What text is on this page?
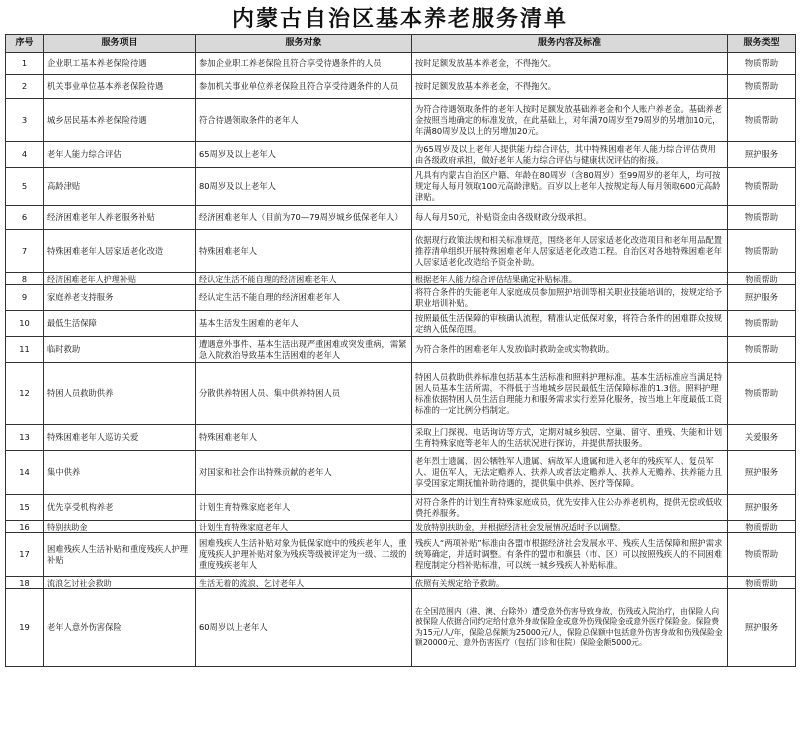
内蒙古自治区基本养老服务清单
序号	服务项目	服务对象	服务内容及标准	服务类型
1	企业职工基本养老保险待遇	参加企业职工养老保险且符合享受待遇条件的人员	按时足额发放基本养老金，不得拖欠。	物质帮助
2	机关事业单位基本养老保险待遇	参加机关事业单位养老保险且符合享受待遇条件的人员	按时足额发放基本养老金，不得拖欠。	物质帮助
3	城乡居民基本养老保险待遇	符合待遇领取条件的老年人	为符合待遇领取条件的老年人按时足额发放基础养老金和个人账户养老金。基础养老金按照当地确定的标准发放，在此基础上，对年满70周岁至79周岁的另增加10元，年满80周岁及以上的另增加20元。	物质帮助
4	老年人能力综合评估	65周岁及以上老年人	为65周岁及以上老年人提供能力综合评估，其中特殊困难老年人能力综合评估费用由各级政府承担，做好老年人能力综合评估与健康状况评估的衔接。	照护服务
5	高龄津贴	80周岁及以上老年人	凡具有内蒙古自治区户籍、年龄在80周岁（含80周岁）至99周岁的老年人，均可按规定每人每月领取100元高龄津贴。百岁以上老年人按规定每人每月领取600元高龄津贴。	物质帮助
6	经济困难老年人养老服务补贴	经济困难老年人（目前为70—79周岁城乡低保老年人）	每人每月50元，补贴资金由各级财政分级承担。	物质帮助
7	特殊困难老年人居家适老化改造	特殊困难老年人	依据现行政策法规和相关标准规范，围绕老年人居家适老化改造项目和老年用品配置推荐清单组织开展特殊困难老年人居家适老化改造工程。自治区对各地特殊困难老年人居家适老化改造给予资金补助。	物质帮助
8	经济困难老年人护理补贴	经认定生活不能自理的经济困难老年人	根据老年人能力综合评估结果确定补贴标准。	物质帮助
9	家庭养老支持服务	经认定生活不能自理的经济困难老年人	将符合条件的失能老年人家庭成员参加照护培训等相关职业技能培训的，按规定给予职业培训补贴。	照护服务
10	最低生活保障	基本生活发生困难的老年人	按照最低生活保障的审核确认流程，精准认定低保对象，将符合条件的困难群众按规定纳入低保范围。	物质帮助
11	临时救助	遭遇意外事件、基本生活出现严重困难或突发重病，需紧急入院救治导致基本生活困难的老年人	为符合条件的困难老年人发放临时救助金或实物救助。	物质帮助
12	特困人员救助供养	分散供养特困人员、集中供养特困人员	特困人员救助供养标准包括基本生活标准和照料护理标准。基本生活标准应当满足特困人员基本生活所需，不得低于当地城乡居民最低生活保障标准的1.3倍。照料护理标准依据特困人员生活自理能力和服务需求实行差异化服务，按当地上年度最低工资标准的一定比例分档制定。	物质帮助
13	特殊困难老年人巡访关爱	特殊困难老年人	采取上门探视、电话询访等方式，定期对城乡独居、空巢、留守、重残、失能和计划生育特殊家庭等老年人的生活状况进行探访，并提供帮扶服务。	关爱服务
14	集中供养	对国家和社会作出特殊贡献的老年人	老年烈士遗属、因公牺牲军人遗属、病故军人遗属和进入老年的残疾军人、复员军人、退伍军人，无法定赡养人、扶养人或者法定赡养人、扶养人无赡养、扶养能力且享受国家定期抚恤补助待遇的，提供集中供养、医疗等保障。	照护服务
15	优先享受机构养老	计划生育特殊家庭老年人	对符合条件的计划生育特殊家庭成员，优先安排入住公办养老机构，提供无偿或低收费托养服务。	照护服务
16	特别扶助金	计划生育特殊家庭老年人	发放特别扶助金，并根据经济社会发展情况适时予以调整。	物质帮助
17	困难残疾人生活补贴和重度残疾人护理补贴	困难残疾人生活补贴对象为低保家庭中的残疾老年人，重度残疾人护理补贴对象为残疾等级被评定为一级、二级的重度残疾老年人	残疾人“两项补贴”标准由各盟市根据经济社会发展水平、残疾人生活保障和照护需求统筹确定，并适时调整。有条件的盟市和旗县（市、区）可以按照残疾人的不同困难程度制定分档补贴标准，可以统一城乡残疾人补贴标准。	物质帮助
18	流浪乞讨社会救助	生活无着的流浪、乞讨老年人	依照有关规定给予救助。	物质帮助
19	老年人意外伤害保险	60周岁以上老年人	在全国范围内（港、澳、台除外）遭受意外伤害导致身故、伤残或入院治疗，由保险人向被保险人依据合同约定给付意外身故保险金或意外伤残保险金或意外医疗保险金。保险费为15元/人/年，保险总保额为25000元/人，保险总保额中包括意外伤害身故和伤残保险金额20000元、意外伤害医疗（包括门诊和住院）保险金额5000元。	照护服务
